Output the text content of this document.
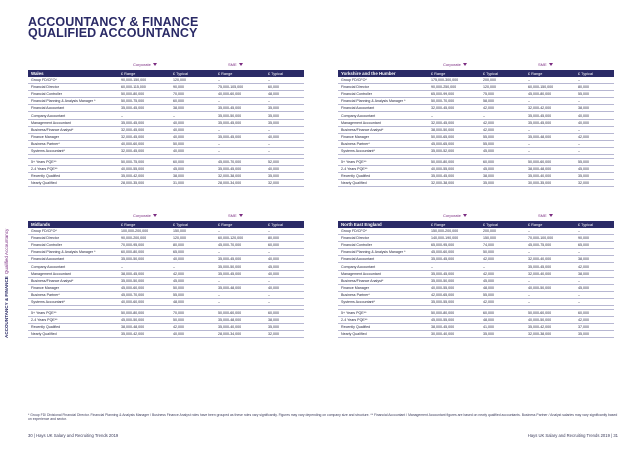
ACCOUNTANCY & FINANCE
QUALIFIED ACCOUNTANCY
ACCOUNTANCY & FINANCEQualified Accountancy
Corporate	SME
Wales	£ Range	£ Typical	£ Range	£ Typical
Group FD/CFO*	90,000-150,000	120,000	–	–
Financial Director	60,000-115,000	90,000	75,000-105,000	60,000
Financial Controller	50,000-80,000	70,000	40,000-60,000	48,000
Financial Planning & Analysis Manager *	50,000-75,000	60,000	–	–
Financial Accountant	35,000-45,000	38,000	35,000-45,000	35,000
Company Accountant	–	–	35,000-50,000	35,000
Management Accountant	35,000-45,000	40,000	35,000-45,000	35,000
Business/Finance Analyst*	32,000-45,000	40,000	–	–
Finance Manager	32,000-45,000	40,000	35,000-45,000	40,000
Business Partner*	40,000-60,000	50,000	–	–
Systems Accountant*	32,000-45,000	40,000	–	–
5+ Years PQE**	50,000-75,000	60,000	45,000-70,000	52,000
2-4 Years PQE**	40,000-55,000	45,000	35,000-45,000	40,000
Recently Qualified	35,000-42,000	38,000	32,000-38,000	35,000
Nearly Qualified	28,000-35,000	31,000	28,000-34,000	32,000
Corporate	SME
Yorkshire and the Humber	£ Range	£ Typical	£ Range	£ Typical
Group FD/CFO*	175,000-300,000	200,000	–	–
Financial Director	90,000-250,000	120,000	60,000-150,000	80,000
Financial Controller	65,000-99,000	75,000	45,000-80,000	55,000
Financial Planning & Analysis Manager *	50,000-70,000	58,000	–	–
Financial Accountant	32,000-45,000	42,000	32,000-42,000	38,000
Company Accountant	–	–	35,000-45,000	40,000
Management Accountant	32,000-45,000	42,000	35,000-45,000	40,000
Business/Finance Analyst*	38,000-50,000	42,000	–	–
Finance Manager	50,000-65,000	55,000	35,000-48,000	42,000
Business Partner*	45,000-65,000	55,000	–	–
Systems Accountant*	35,000-52,000	45,000	–	–
5+ Years PQE**	50,000-80,000	60,000	50,000-60,000	55,000
2-4 Years PQE**	40,000-55,000	45,000	38,000-48,000	45,000
Recently Qualified	35,000-45,000	38,000	35,000-40,000	35,000
Nearly Qualified	32,000-38,000	35,000	30,000-35,000	32,000
Corporate	SME
Midlands	£ Range	£ Typical	£ Range	£ Typical
Group FD/CFO*	100,000-200,000	150,000	–	–
Financial Director	90,000-200,000	120,000	60,000-120,000	80,000
Financial Controller	70,000-95,000	80,000	45,000-70,000	60,000
Financial Planning & Analysis Manager *	60,000-80,000	65,000	–	–
Financial Accountant	35,000-50,000	40,000	35,000-45,000	40,000
Company Accountant	–	–	35,000-50,000	45,000
Management Accountant	38,000-45,000	42,000	35,000-45,000	40,000
Business/Finance Analyst*	35,000-50,000	45,000	–	–
Finance Manager	45,000-60,000	50,000	35,000-48,000	40,000
Business Partner*	45,000-70,000	55,000	–	–
Systems Accountant*	40,000-60,000	48,000	–	–
5+ Years PQE**	50,000-80,000	70,000	50,000-60,000	60,000
2-4 Years PQE**	45,000-50,000	50,000	35,000-48,000	38,000
Recently Qualified	38,000-48,000	42,000	35,000-40,000	35,000
Nearly Qualified	35,000-42,000	40,000	28,000-34,000	32,000
Corporate	SME
North East England	£ Range	£ Typical	£ Range	£ Typical
Group FD/CFO*	150,000-200,000	200,000	–	–
Financial Director	140,000-190,000	150,000	70,000-100,000	90,000
Financial Controller	65,000-95,000	74,000	45,000-75,000	65,000
Financial Planning & Analysis Manager *	45,000-60,000	50,000	–	–
Financial Accountant	35,000-45,000	42,000	32,000-40,000	38,000
Company Accountant	–	–	35,000-45,000	42,000
Management Accountant	35,000-45,000	42,000	32,000-40,000	38,000
Business/Finance Analyst*	35,000-50,000	45,000	–	–
Finance Manager	40,000-55,000	48,000	40,000-50,000	45,000
Business Partner*	42,000-65,000	55,000	–	–
Systems Accountant*	35,000-55,000	42,000	–	–
5+ Years PQE**	50,000-80,000	60,000	50,000-60,000	60,000
2-4 Years PQE**	45,000-55,000	48,000	40,000-50,000	42,000
Recently Qualified	38,000-45,000	41,000	35,000-42,000	37,000
Nearly Qualified	30,000-40,000	35,000	32,000-38,000	35,000
* Group FD/ Divisional Financial Director. Financial Planning & Analysis Manager / Business Finance Analyst roles have been grouped as these roles vary significantly. Figures may vary depending on company size and structure. ** Financial Accountant / Management Accountant figures are based on newly qualified accountants. Business Partner / Analyst salaries may vary significantly based on experience and sector.
30 | Hays UK Salary and Recruiting Trends 2019	Hays UK Salary and Recruiting Trends 2019 | 31
